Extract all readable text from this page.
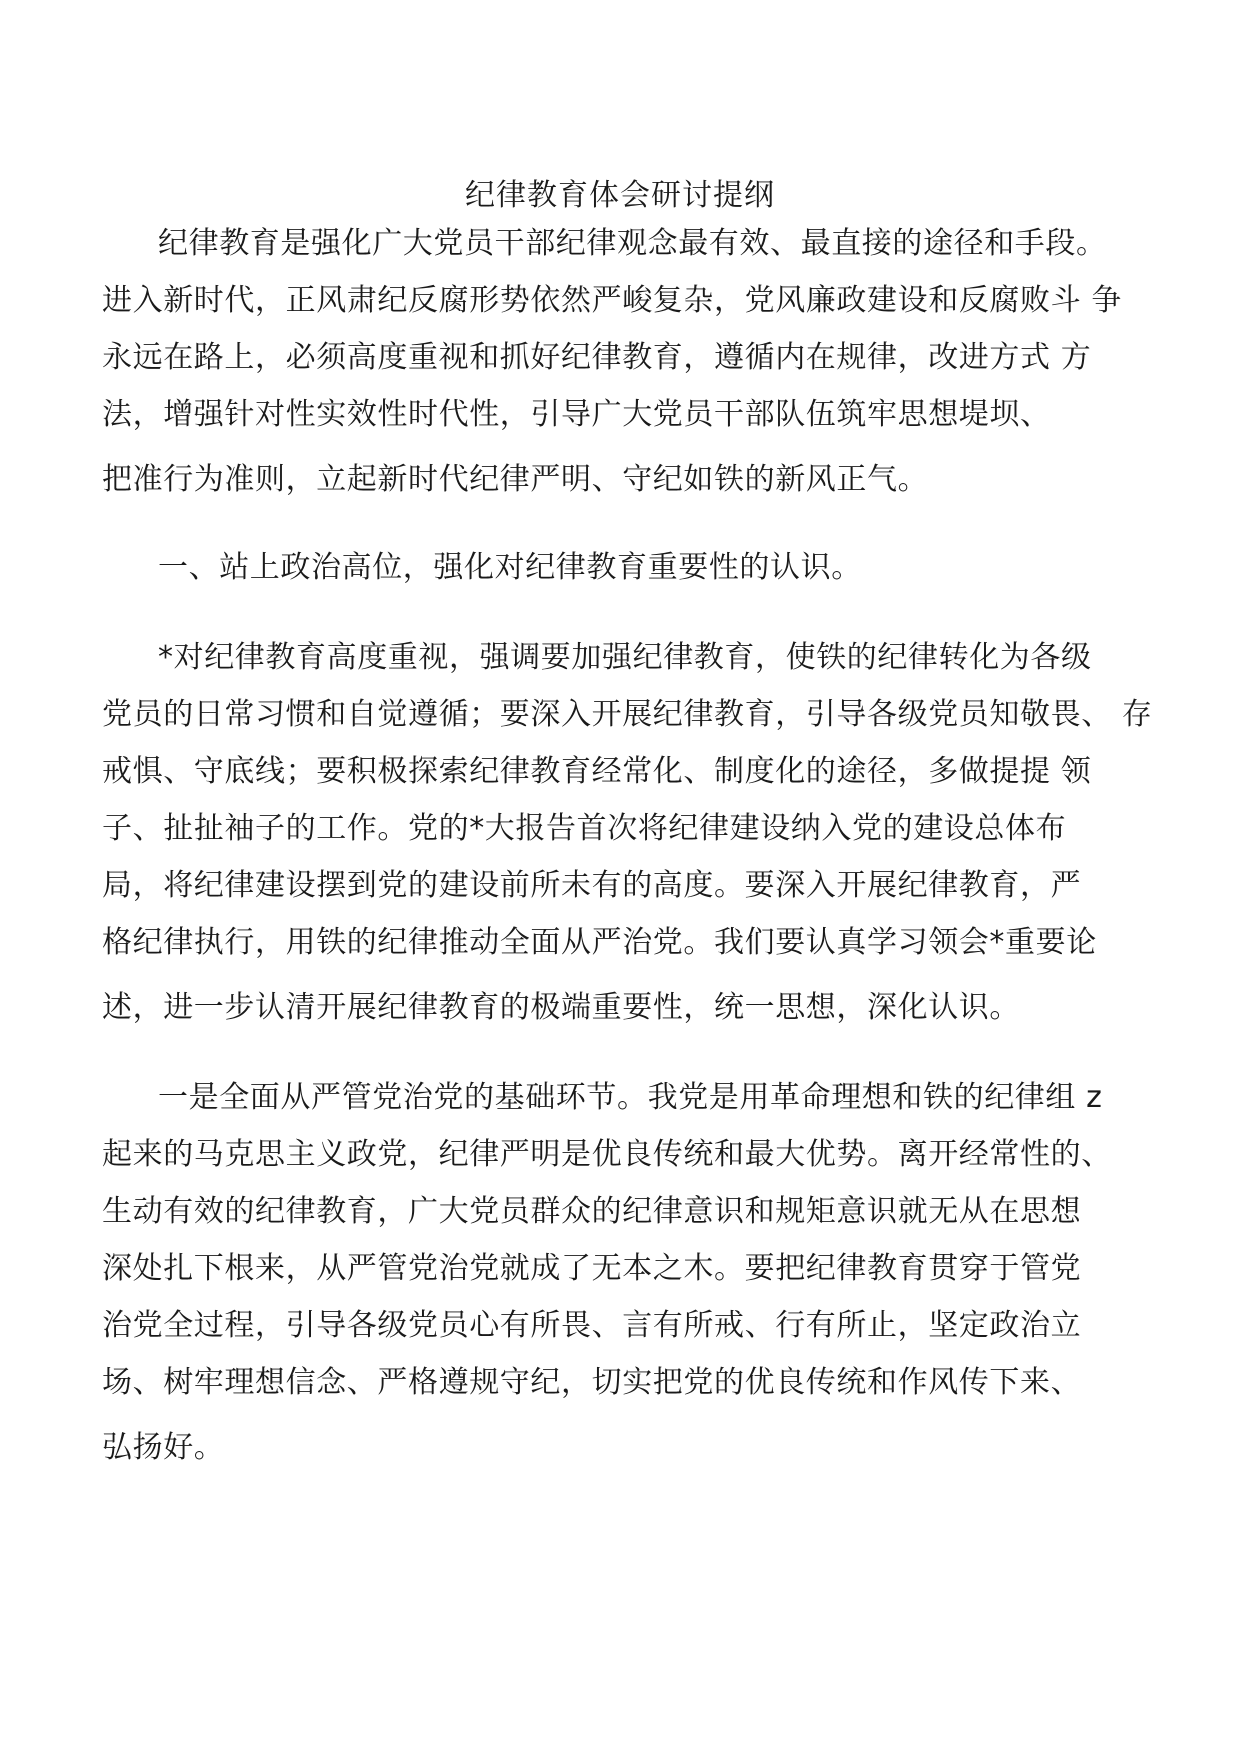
纪律教育体会研讨提纲

纪律教育是强化广大党员干部纪律观念最有效、最直接的途径和手段。

进入新时代，正风肃纪反腐形势依然严峻复杂，党风廉政建设和反腐败斗 争

永远在路上，必须高度重视和抓好纪律教育，遵循内在规律，改进方式 方

法，增强针对性实效性时代性，引导广大党员干部队伍筑牢思想堤坝、

把准行为准则，立起新时代纪律严明、守纪如铁的新风正气。

一、站上政治高位，强化对纪律教育重要性的认识。

*对纪律教育高度重视，强调要加强纪律教育，使铁的纪律转化为各级

党员的日常习惯和自觉遵循；要深入开展纪律教育，引导各级党员知敬畏、 存

戒惧、守底线；要积极探索纪律教育经常化、制度化的途径，多做提提 领

子、扯扯袖子的工作。党的*大报告首次将纪律建设纳入党的建设总体布

局，将纪律建设摆到党的建设前所未有的高度。要深入开展纪律教育，严

格纪律执行，用铁的纪律推动全面从严治党。我们要认真学习领会*重要论

述，进一步认清开展纪律教育的极端重要性，统一思想，深化认识。

一是全面从严管党治党的基础环节。我党是用革命理想和铁的纪律组 z

起来的马克思主义政党，纪律严明是优良传统和最大优势。离开经常性的、

生动有效的纪律教育，广大党员群众的纪律意识和规矩意识就无从在思想

深处扎下根来，从严管党治党就成了无本之木。要把纪律教育贯穿于管党

治党全过程，引导各级党员心有所畏、言有所戒、行有所止，坚定政治立

场、树牢理想信念、严格遵规守纪，切实把党的优良传统和作风传下来、

弘扬好。
